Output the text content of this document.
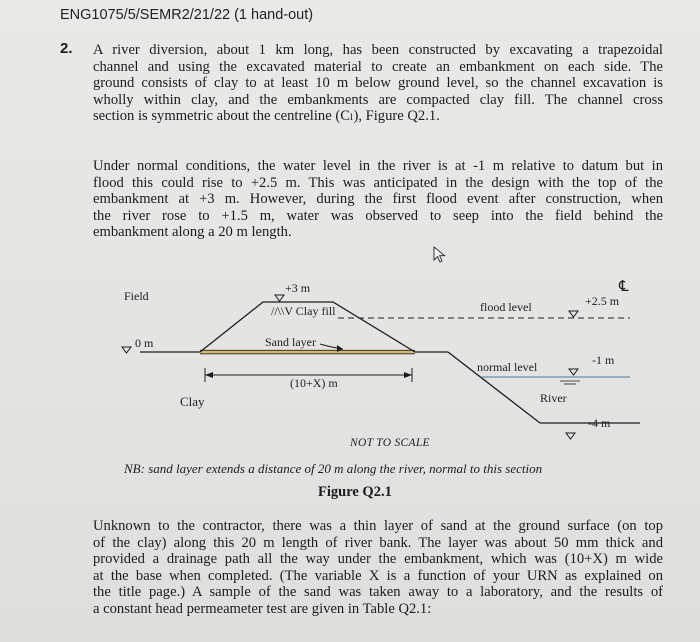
ENG1075/5/SEMR2/21/22 (1 hand-out)
2. A river diversion, about 1 km long, has been constructed by excavating a trapezoidal
channel and using the excavated material to create an embankment on each side. The
ground consists of clay to at least 10 m below ground level, so the channel excavation is
wholly within clay, and the embankments are compacted clay fill. The channel cross
section is symmetric about the centreline (Cₗ), Figure Q2.1.
Under normal conditions, the water level in the river is at -1 m relative to datum but in
flood this could rise to +2.5 m. This was anticipated in the design with the top of the
embankment at +3 m. However, during the first flood event after construction, when
the river rose to +1.5 m, water was observed to seep into the field behind the
embankment along a 20 m length.
Field
0 m
+3 m
//\\V Clay fill
Sand layer
flood level	+2.5 m
℄
normal level	-1 m
(10+X) m
Clay	River
-4 m
NOT TO SCALE
NB: sand layer extends a distance of 20 m along the river, normal to this section
Figure Q2.1
Unknown to the contractor, there was a thin layer of sand at the ground surface (on top
of the clay) along this 20 m length of river bank. The layer was about 50 mm thick and
provided a drainage path all the way under the embankment, which was (10+X) m wide
at the base when completed. (The variable X is a function of your URN as explained on
the title page.) A sample of the sand was taken away to a laboratory, and the results of
a constant head permeameter test are given in Table Q2.1:
